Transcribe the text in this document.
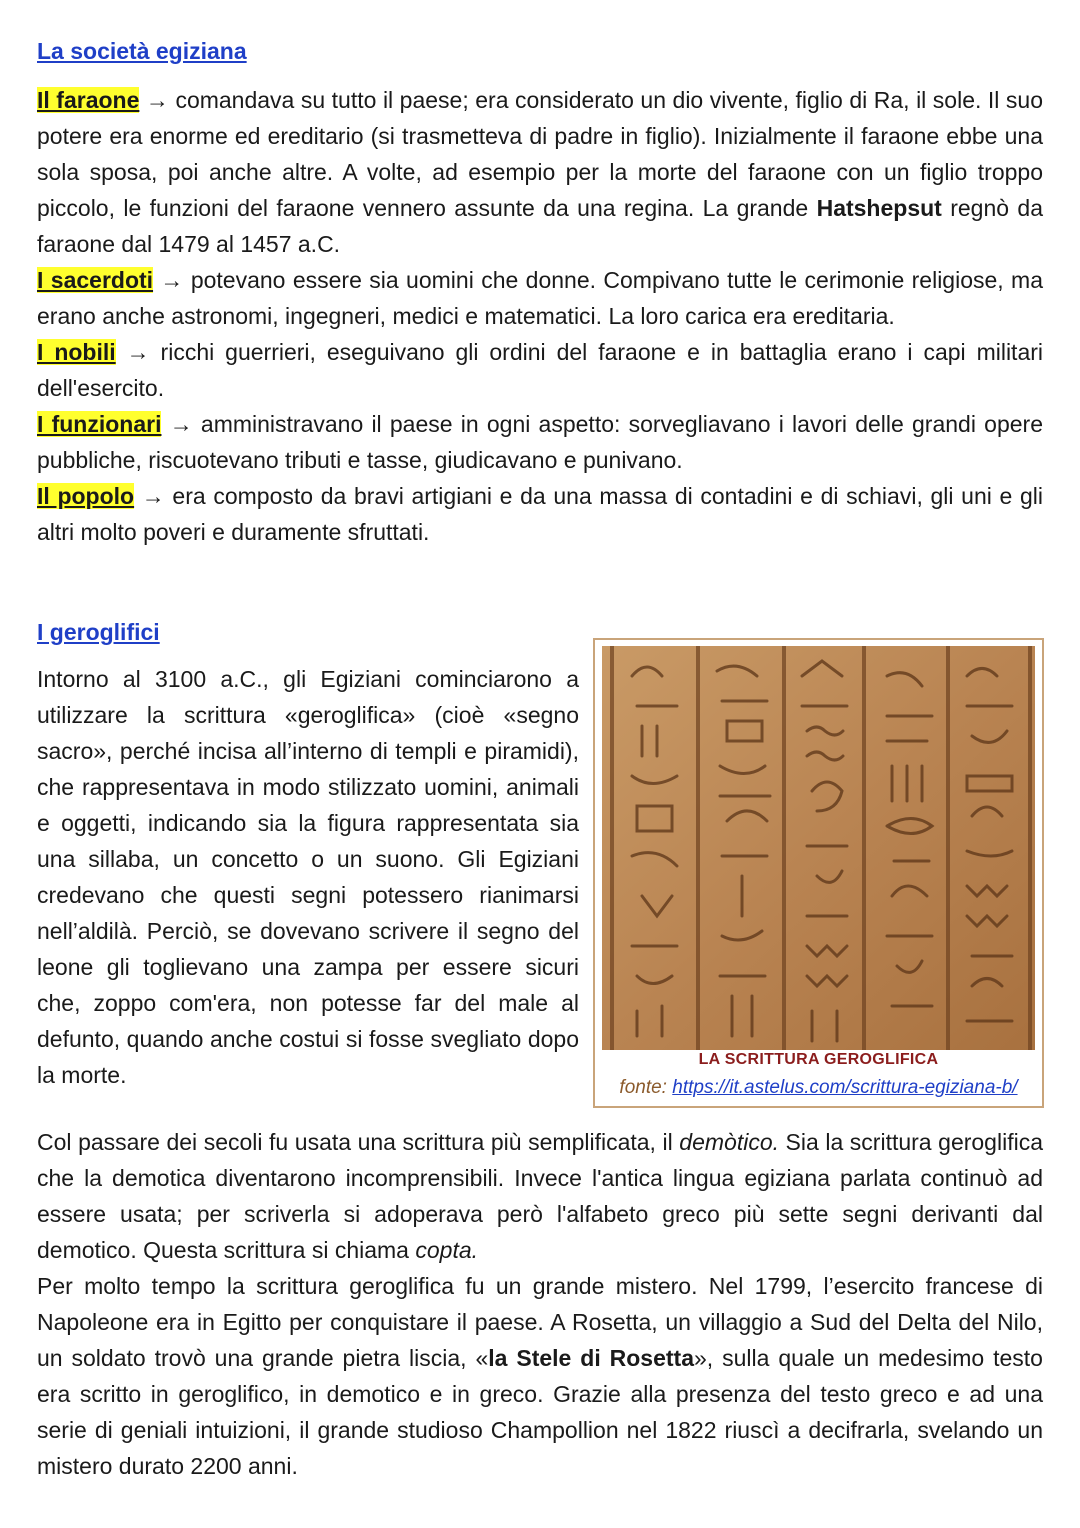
La società egiziana
Il faraone → comandava su tutto il paese; era considerato un dio vivente, figlio di Ra, il sole. Il suo potere era enorme ed ereditario (si trasmetteva di padre in figlio). Inizialmente il faraone ebbe una sola sposa, poi anche altre. A volte, ad esempio per la morte del faraone con un figlio troppo piccolo, le funzioni del faraone vennero assunte da una regina. La grande Hatshepsut regnò da faraone dal 1479 al 1457 a.C.
I sacerdoti → potevano essere sia uomini che donne. Compivano tutte le cerimonie religiose, ma erano anche astronomi, ingegneri, medici e matematici. La loro carica era ereditaria.
I nobili → ricchi guerrieri, eseguivano gli ordini del faraone e in battaglia erano i capi militari dell'esercito.
I funzionari → amministravano il paese in ogni aspetto: sorvegliavano i lavori delle grandi opere pubbliche, riscuotevano tributi e tasse, giudicavano e punivano.
Il popolo → era composto da bravi artigiani e da una massa di contadini e di schiavi, gli uni e gli altri molto poveri e duramente sfruttati.
I geroglifici
Intorno al 3100 a.C., gli Egiziani cominciarono a utilizzare la scrittura «geroglifica» (cioè «segno sacro», perché incisa all’interno di templi e piramidi), che rappresentava in modo stilizzato uomini, animali e oggetti, indicando sia la figura rappresentata sia una sillaba, un concetto o un suono. Gli Egiziani credevano che questi segni potessero rianimarsi nell’aldilà. Perciò, se dovevano scrivere il segno del leone gli toglievano una zampa per essere sicuri che, zoppo com'era, non potesse far del male al defunto, quando anche costui si fosse svegliato dopo la morte.
LA SCRITTURA GEROGLIFICA
fonte: https://it.astelus.com/scrittura-egiziana-b/
Col passare dei secoli fu usata una scrittura più semplificata, il demòtico. Sia la scrittura geroglifica che la demotica diventarono incomprensibili. Invece l'antica lingua egiziana parlata continuò ad essere usata; per scriverla si adoperava però l'alfabeto greco più sette segni derivanti dal demotico. Questa scrittura si chiama copta.
Per molto tempo la scrittura geroglifica fu un grande mistero. Nel 1799, l’esercito francese di Napoleone era in Egitto per conquistare il paese. A Rosetta, un villaggio a Sud del Delta del Nilo, un soldato trovò una grande pietra liscia, «la Stele di Rosetta», sulla quale un medesimo testo era scritto in geroglifico, in demotico e in greco. Grazie alla presenza del testo greco e ad una serie di geniali intuizioni, il grande studioso Champollion nel 1822 riuscì a decifrarla, svelando un mistero durato 2200 anni.
